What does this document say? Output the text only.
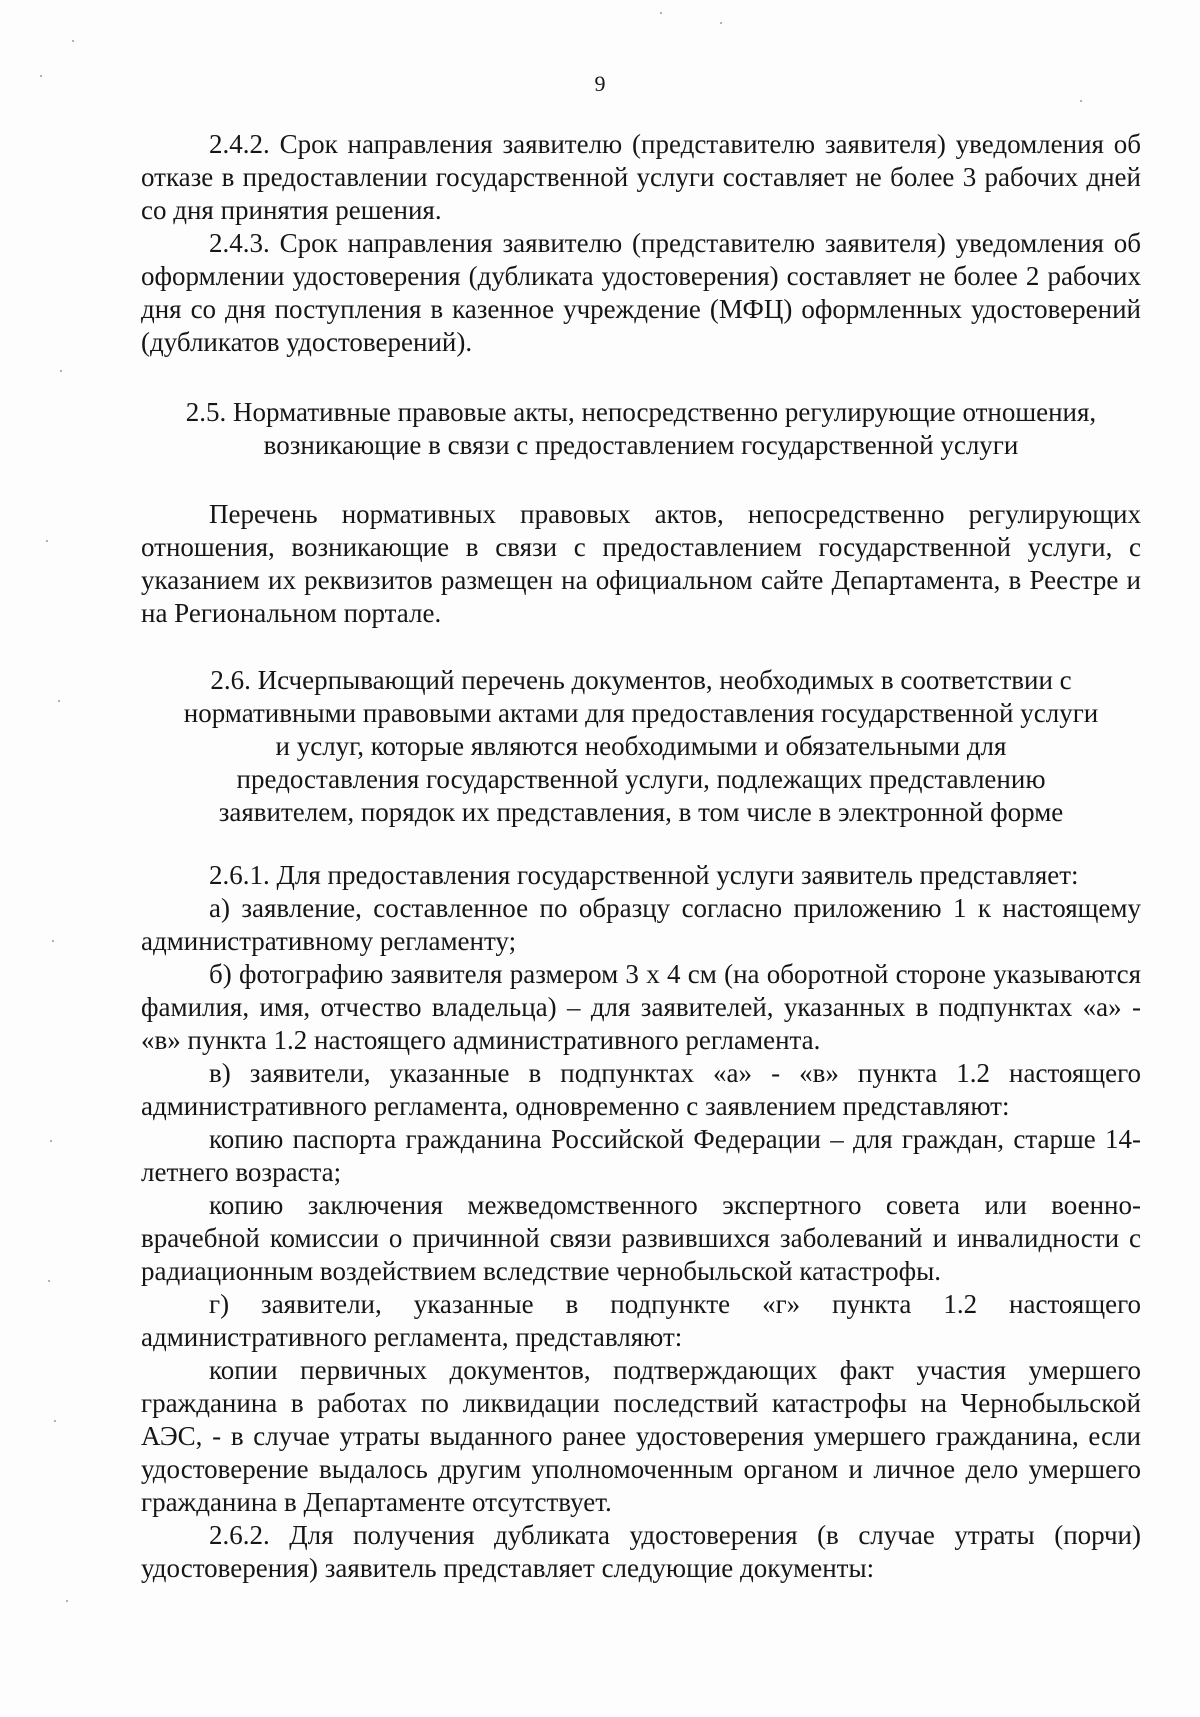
9

2.4.2. Срок направления заявителю (представителю заявителя) уведомления об отказе в предоставлении государственной услуги составляет не более 3 рабочих дней со дня принятия решения.

2.4.3. Срок направления заявителю (представителю заявителя) уведомления об оформлении удостоверения (дубликата удостоверения) составляет не более 2 рабочих дня со дня поступления в казенное учреждение (МФЦ) оформленных удостоверений (дубликатов удостоверений).

2.5. Нормативные правовые акты, непосредственно регулирующие отношения, возникающие в связи с предоставлением государственной услуги

Перечень нормативных правовых актов, непосредственно регулирующих отношения, возникающие в связи с предоставлением государственной услуги, с указанием их реквизитов размещен на официальном сайте Департамента, в Реестре и на Региональном портале.

2.6. Исчерпывающий перечень документов, необходимых в соответствии с нормативными правовыми актами для предоставления государственной услуги и услуг, которые являются необходимыми и обязательными для предоставления государственной услуги, подлежащих представлению заявителем, порядок их представления, в том числе в электронной форме

2.6.1. Для предоставления государственной услуги заявитель представляет:

а) заявление, составленное по образцу согласно приложению 1 к настоящему административному регламенту;

б) фотографию заявителя размером 3 х 4 см (на оборотной стороне указываются фамилия, имя, отчество владельца) – для заявителей, указанных в подпунктах «а» - «в» пункта 1.2 настоящего административного регламента.

в) заявители, указанные в подпунктах «а» - «в» пункта 1.2 настоящего административного регламента, одновременно с заявлением представляют:

копию паспорта гражданина Российской Федерации – для граждан, старше 14-летнего возраста;

копию заключения межведомственного экспертного совета или военно-врачебной комиссии о причинной связи развившихся заболеваний и инвалидности с радиационным воздействием вследствие чернобыльской катастрофы.

г) заявители, указанные в подпункте «г» пункта 1.2 настоящего административного регламента, представляют:

копии первичных документов, подтверждающих факт участия умершего гражданина в работах по ликвидации последствий катастрофы на Чернобыльской АЭС, - в случае утраты выданного ранее удостоверения умершего гражданина, если удостоверение выдалось другим уполномоченным органом и личное дело умершего гражданина в Департаменте отсутствует.

2.6.2. Для получения дубликата удостоверения (в случае утраты (порчи) удостоверения) заявитель представляет следующие документы:
